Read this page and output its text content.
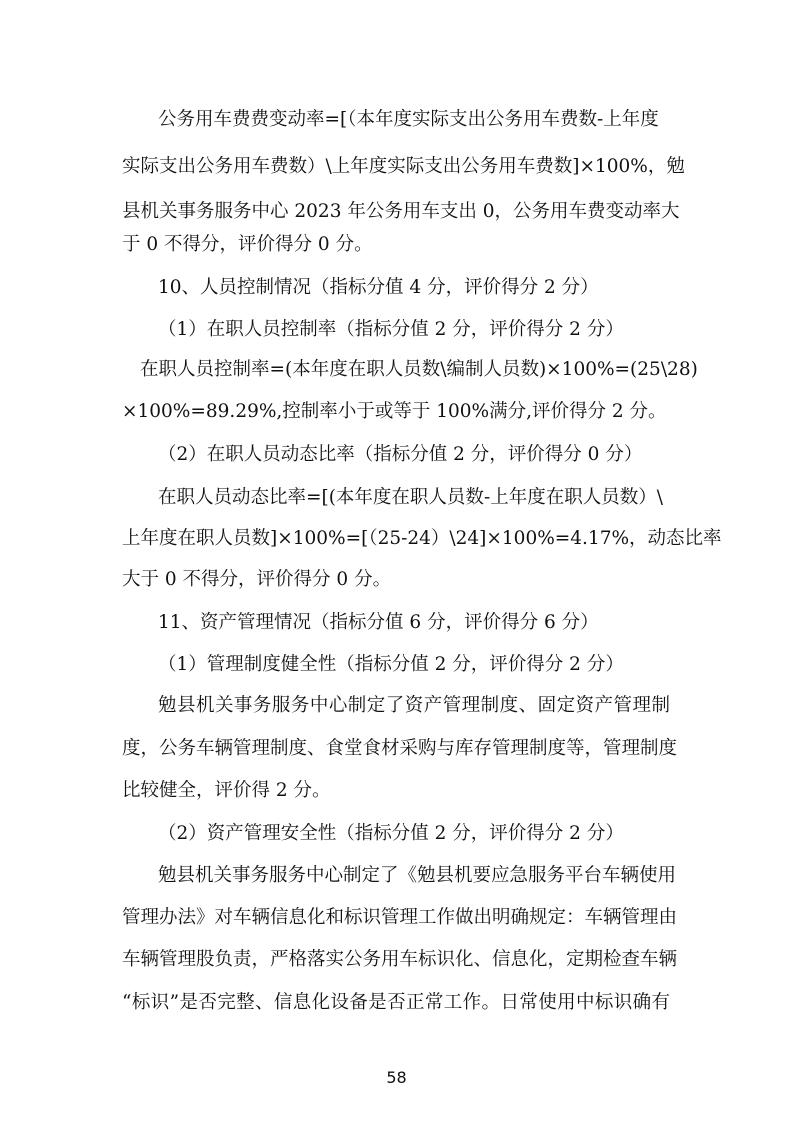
公务用车费费变动率=[（本年度实际支出公务用车费数-上年度
实际支出公务用车费数）\上年度实际支出公务用车费数]×100%，勉
县机关事务服务中心 2023 年公务用车支出 0，公务用车费变动率大
于 0 不得分，评价得分 0 分。
10、人员控制情况（指标分值 4 分，评价得分 2 分）
（1）在职人员控制率（指标分值 2 分，评价得分 2 分）
在职人员控制率=(本年度在职人员数\编制人员数)×100%=(25\28)
×100%=89.29%,控制率小于或等于 100%满分,评价得分 2 分。
（2）在职人员动态比率（指标分值 2 分，评价得分 0 分）
在职人员动态比率=[(本年度在职人员数-上年度在职人员数）\
上年度在职人员数]×100%=[（25-24）\24]×100%=4.17%，动态比率
大于 0 不得分，评价得分 0 分。
11、资产管理情况（指标分值 6 分，评价得分 6 分）
（1）管理制度健全性（指标分值 2 分，评价得分 2 分）
勉县机关事务服务中心制定了资产管理制度、固定资产管理制
度，公务车辆管理制度、食堂食材采购与库存管理制度等，管理制度
比较健全，评价得 2 分。
（2）资产管理安全性（指标分值 2 分，评价得分 2 分）
勉县机关事务服务中心制定了《勉县机要应急服务平台车辆使用
管理办法》对车辆信息化和标识管理工作做出明确规定：车辆管理由
车辆管理股负责，严格落实公务用车标识化、信息化，定期检查车辆
“标识”是否完整、信息化设备是否正常工作。日常使用中标识确有
58
